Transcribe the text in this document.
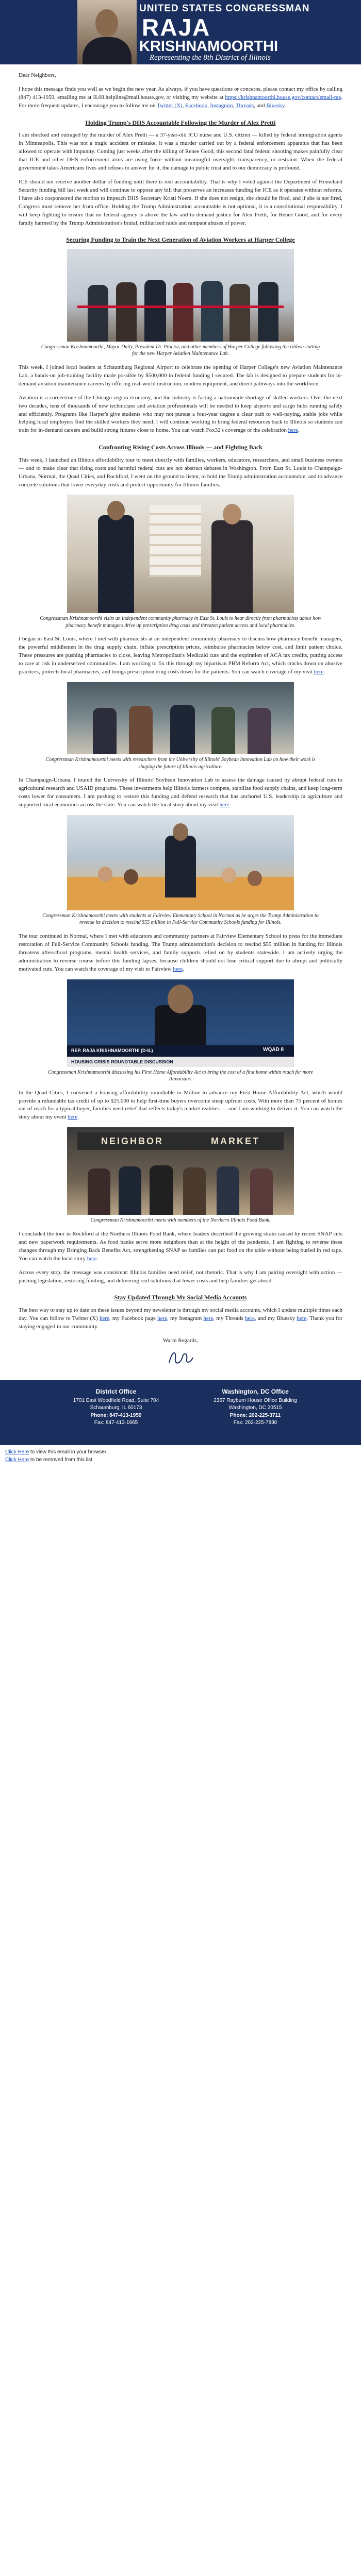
UNITED STATES CONGRESSMAN
RAJA
KRISHNAMOORTHI
Representing the 8th District of Illinois

Dear Neighbors,

I hope this message finds you well as we begin the new year. As always, if you have questions or concerns, please contact my office by calling (847) 413-1959, emailing me at IL08.helpline@mail.house.gov, or visiting my website at https://krishnamoorthi.house.gov/contact/email-me. For more frequent updates, I encourage you to follow me on Twitter (X), Facebook, Instagram, Threads, and Bluesky.

Holding Trump's DHS Accountable Following the Murder of Alex Pretti

I am shocked and outraged by the murder of Alex Pretti — a 37-year-old ICU nurse and U.S. citizen — killed by federal immigration agents in Minneapolis. This was not a tragic accident or mistake, it was a murder carried out by a federal enforcement apparatus that has been allowed to operate with impunity. Coming just weeks after the killing of Renee Good, this second fatal federal shooting makes painfully clear that ICE and other DHS enforcement arms are using force without meaningful oversight, transparency, or restraint. When the federal government takes Americans lives and refuses to answer for it, the damage to public trust and to our democracy is profound.

ICE should not receive another dollar of funding until there is real accountability. That is why I voted against the Department of Homeland Security funding bill last week and will continue to oppose any bill that preserves an increases funding for ICE as it operates without reforms. I have also cosponsored the motion to impeach DHS Secretary Kristi Noem. If she does not resign, she should be fired, and if she is not fired, Congress must remove her from office. Holding the Trump Administration accountable is not optional, it is a constitutional responsibility. I will keep fighting to ensure that no federal agency is above the law and to demand justice for Alex Pretti, for Renee Good, and for every family harmed by the Trump Administration's brutal, militarized raids and rampant abuses of power.

Securing Funding to Train the Next Generation of Aviation Workers at Harper College
Congressman Krishnamoorthi, Mayor Daily, President Dr. Proctor, and other members of Harper College following the ribbon-cutting for the new Harper Aviation Maintenance Lab.

This week, I joined local leaders at Schaumburg Regional Airport to celebrate the opening of Harper College's new Aviation Maintenance Lab, a hands-on job-training facility made possible by $500,000 in federal funding I secured. The lab is designed to prepare students for in-demand aviation maintenance careers by offering real-world instruction, modern equipment, and direct pathways into the workforce.

Aviation is a cornerstone of the Chicago-region economy, and the industry is facing a nationwide shortage of skilled workers. Over the next two decades, tens of thousands of new technicians and aviation professionals will be needed to keep airports and cargo hubs running safely and efficiently. Programs like Harper's give students who may not pursue a four-year degree a clear path to well-paying, stable jobs while helping local employers find the skilled workers they need. I will continue working to bring federal resources back to Illinois so students can train for in-demand careers and build strong futures close to home. You can watch Fox32's coverage of the celebration here.

Confronting Rising Costs Across Illinois — and Fighting Back

This week, I launched an Illinois affordability tour to meet directly with families, workers, educators, researchers, and small business owners — and to make clear that rising costs and harmful federal cuts are not abstract debates in Washington. From East St. Louis to Champaign-Urbana, Normal, the Quad Cities, and Rockford, I went on the ground to listen, to hold the Trump administration accountable, and to advance concrete solutions that lower everyday costs and protect opportunity for Illinois families.

Congressman Krishnamoorthi visits an independent community pharmacy in East St. Louis to hear directly from pharmacists about how pharmacy benefit managers drive up prescription drug costs and threaten patient access and local pharmacies.

I began in East St. Louis, where I met with pharmacists at an independent community pharmacy to discuss how pharmacy benefit managers, the powerful middlemen in the drug supply chain, inflate prescription prices, reimburse pharmacies below cost, and limit patient choice. These pressures are pushing pharmacies to close, leaving Metropolitan's Medicaid cuts and the expiration of ACA tax credits, putting access to care at risk in underserved communities. I am working to fix this through my bipartisan PBM Reform Act, which cracks down on abusive practices, protects local pharmacies, and brings prescription drug costs down for the patients. You can watch coverage of my visit here.

Congressman Krishnamoorthi meets with researchers from the University of Illinois' Soybean Innovation Lab on how their work is shaping the future of Illinois agriculture.

In Champaign-Urbana, I toured the University of Illinois' Soybean Innovation Lab to assess the damage caused by abrupt federal cuts to agricultural research and USAID programs. These investments help Illinois farmers compete, stabilize food supply chains, and keep long-term costs lower for consumers. I am pushing to restore this funding and defend research that has anchored U.S. leadership in agriculture and supported rural economies across the state. You can watch the local story about my visit here.

Congressman Krishnamoorthi meets with students at Fairview Elementary School in Normal as he urges the Trump Administration to reverse its decision to rescind $55 million in Full-Service Community Schools funding for Illinois.

The tour continued in Normal, where I met with educators and community partners at Fairview Elementary School to press for the immediate restoration of Full-Service Community Schools funding. The Trump administration's decision to rescind $55 million in funding for Illinois threatens afterschool programs, mental health services, and family supports relied on by students statewide. I am actively urging the administration to reverse course before this funding lapses, because children should not lose critical support due to abrupt and politically motivated cuts. You can watch the coverage of my visit to Fairview here.

REP. RAJA KRISHNAMOORTHI (D-IL)
HOUSING CRISIS ROUNDTABLE DISCUSSION
WQAD 8
Congressman Krishnamoorthi discussing his First Home Affordability Act to bring the cost of a first home within reach for more Illinoisans.

In the Quad Cities, I convened a housing affordability roundtable in Moline to advance my First Home Affordability Act, which would provide a refundable tax credit of up to $25,000 to help first-time buyers overcome steep upfront costs. With more than 75 percent of homes out of reach for a typical buyer, families need relief that reflects today's market realities — and I am working to deliver it. You can watch the story about my event here.

NEIGHBOR	MARKET
Congressman Krishnamoorthi meets with members of the Northern Illinois Food Bank.

I concluded the tour in Rockford at the Northern Illinois Food Bank, where leaders described the growing strain caused by recent SNAP cuts and new paperwork requirements. As food banks serve more neighbors than at the height of the pandemic, I am fighting to reverse these changes through my Bringing Back Benefits Act, strengthening SNAP so families can put food on the table without being buried in red tape. You can watch the local story here.

Across every stop, the message was consistent: Illinois families need relief, not rhetoric. That is why I am pairing oversight with action — pushing legislation, restoring funding, and delivering real solutions that lower costs and help families get ahead.

Stay Updated Through My Social Media Accounts

The best way to stay up to date on these issues beyond my newsletter is through my social media accounts, which I update multiple times each day. You can follow to Twitter (X) here, my Facebook page here, my Instagram here, my Threads here, and my Bluesky here. Thank you for staying engaged in our community.

Warm Regards,
District Office
1701 East Woodfield Road, Suite 704
Schaumburg, IL 60173
Phone: 847-413-1959
Fax: 847-413-1965
Washington, DC Office
2367 Rayburn House Office Building
Washington, DC 20515
Phone: 202-225-3711
Fax: 202-225-7830
Click Here to view this email in your browser.
Click Here to be removed from this list
